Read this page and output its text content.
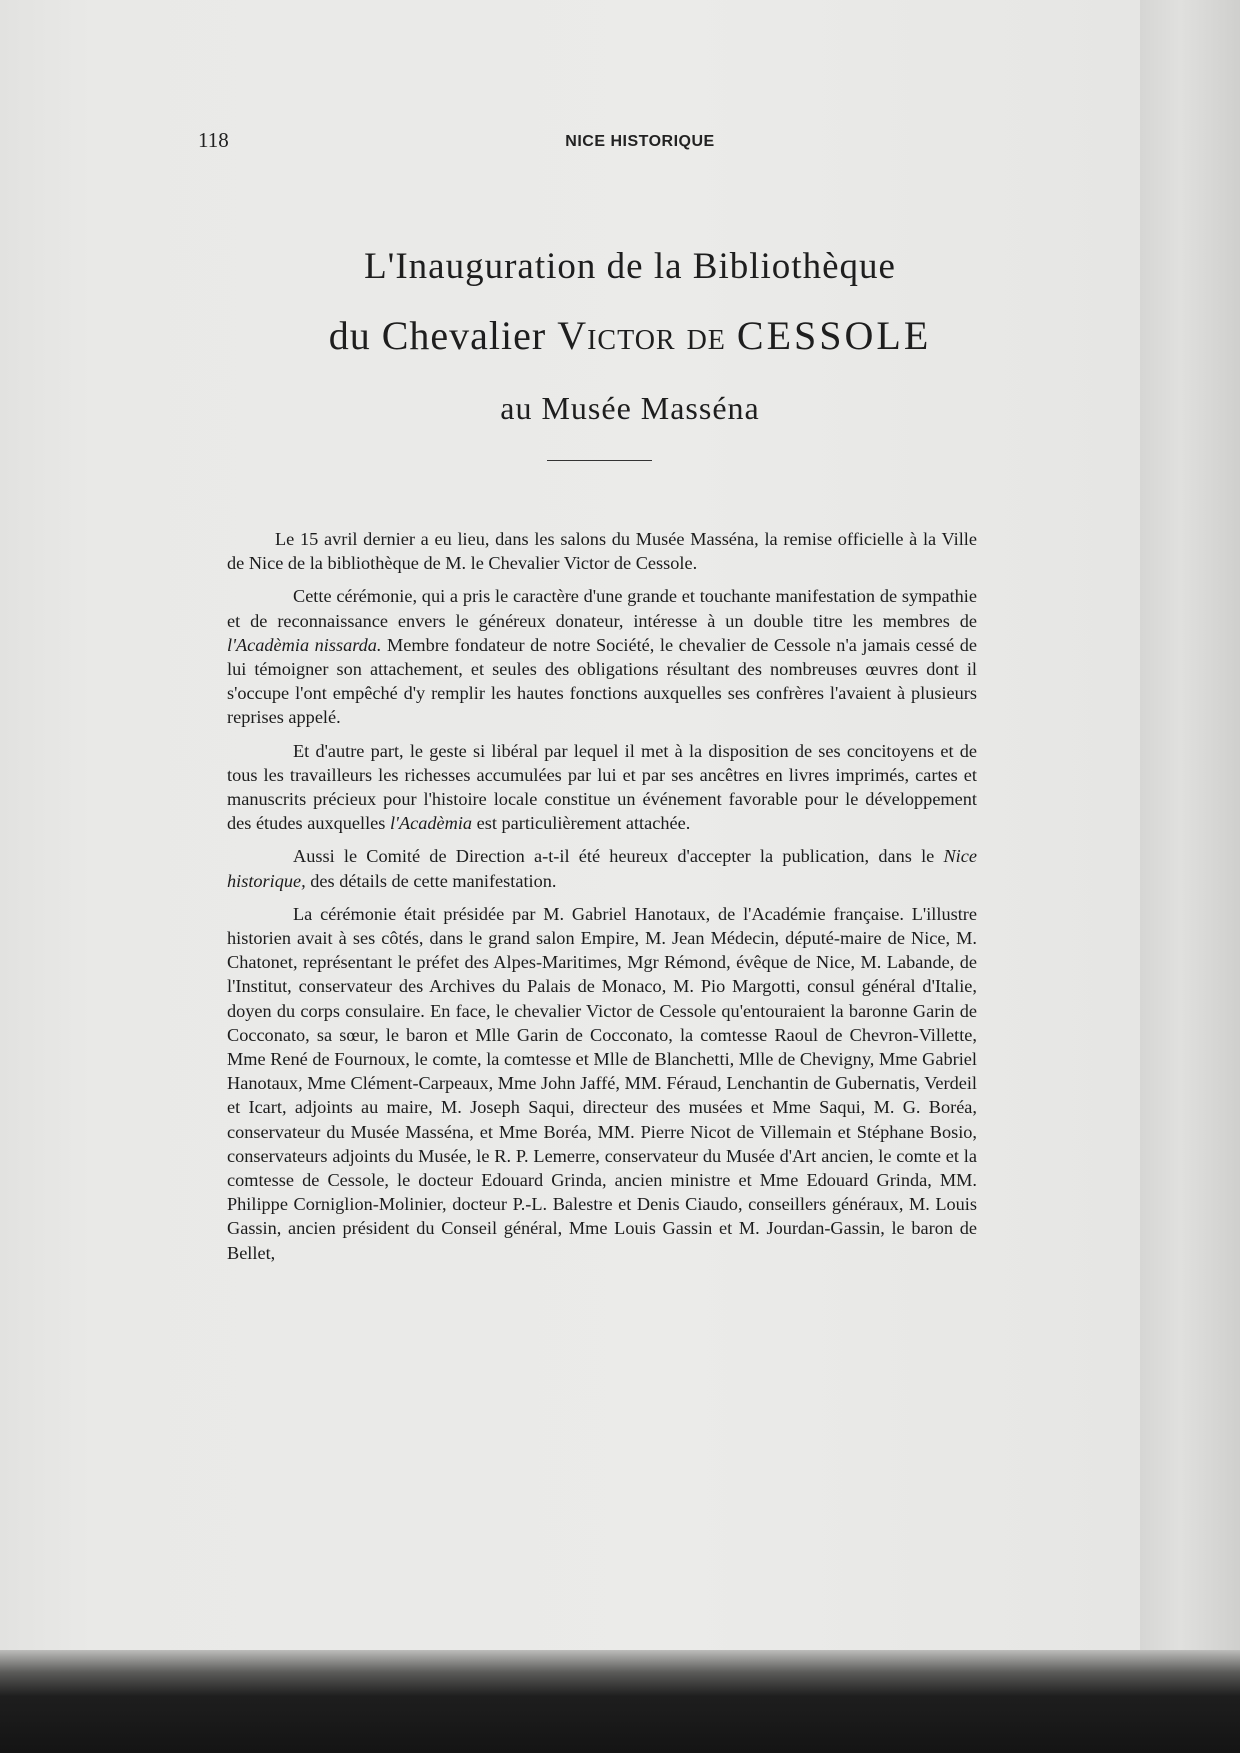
118	NICE HISTORIQUE
L'Inauguration de la Bibliothèque
du Chevalier Victor de CESSOLE
au Musée Masséna

Le 15 avril dernier a eu lieu, dans les salons du Musée Masséna, la remise officielle à la Ville de Nice de la bibliothèque de M. le Chevalier Victor de Cessole.

Cette cérémonie, qui a pris le caractère d'une grande et touchante manifestation de sympathie et de reconnaissance envers le généreux donateur, intéresse à un double titre les membres de l'Acadèmia nissarda. Membre fondateur de notre Société, le chevalier de Cessole n'a jamais cessé de lui témoigner son attachement, et seules des obligations résultant des nombreuses œuvres dont il s'occupe l'ont empêché d'y remplir les hautes fonctions auxquelles ses confrères l'avaient à plusieurs reprises appelé.

Et d'autre part, le geste si libéral par lequel il met à la disposition de ses concitoyens et de tous les travailleurs les richesses accumulées par lui et par ses ancêtres en livres imprimés, cartes et manuscrits précieux pour l'histoire locale constitue un événement favorable pour le développement des études auxquelles l'Acadèmia est particulièrement attachée.

Aussi le Comité de Direction a-t-il été heureux d'accepter la publication, dans le Nice historique, des détails de cette manifestation.

La cérémonie était présidée par M. Gabriel Hanotaux, de l'Académie française. L'illustre historien avait à ses côtés, dans le grand salon Empire, M. Jean Médecin, député-maire de Nice, M. Chatonet, représentant le préfet des Alpes-Maritimes, Mgr Rémond, évêque de Nice, M. Labande, de l'Institut, conservateur des Archives du Palais de Monaco, M. Pio Margotti, consul général d'Italie, doyen du corps consulaire. En face, le chevalier Victor de Cessole qu'entouraient la baronne Garin de Cocconato, sa sœur, le baron et Mlle Garin de Cocconato, la comtesse Raoul de Chevron-Villette, Mme René de Fournoux, le comte, la comtesse et Mlle de Blanchetti, Mlle de Chevigny, Mme Gabriel Hanotaux, Mme Clément-Carpeaux, Mme John Jaffé, MM. Féraud, Lenchantin de Gubernatis, Verdeil et Icart, adjoints au maire, M. Joseph Saqui, directeur des musées et Mme Saqui, M. G. Boréa, conservateur du Musée Masséna, et Mme Boréa, MM. Pierre Nicot de Villemain et Stéphane Bosio, conservateurs adjoints du Musée, le R. P. Lemerre, conservateur du Musée d'Art ancien, le comte et la comtesse de Cessole, le docteur Edouard Grinda, ancien ministre et Mme Edouard Grinda, MM. Philippe Corniglion-Molinier, docteur P.-L. Balestre et Denis Ciaudo, conseillers généraux, M. Louis Gassin, ancien président du Conseil général, Mme Louis Gassin et M. Jourdan-Gassin, le baron de Bellet,
